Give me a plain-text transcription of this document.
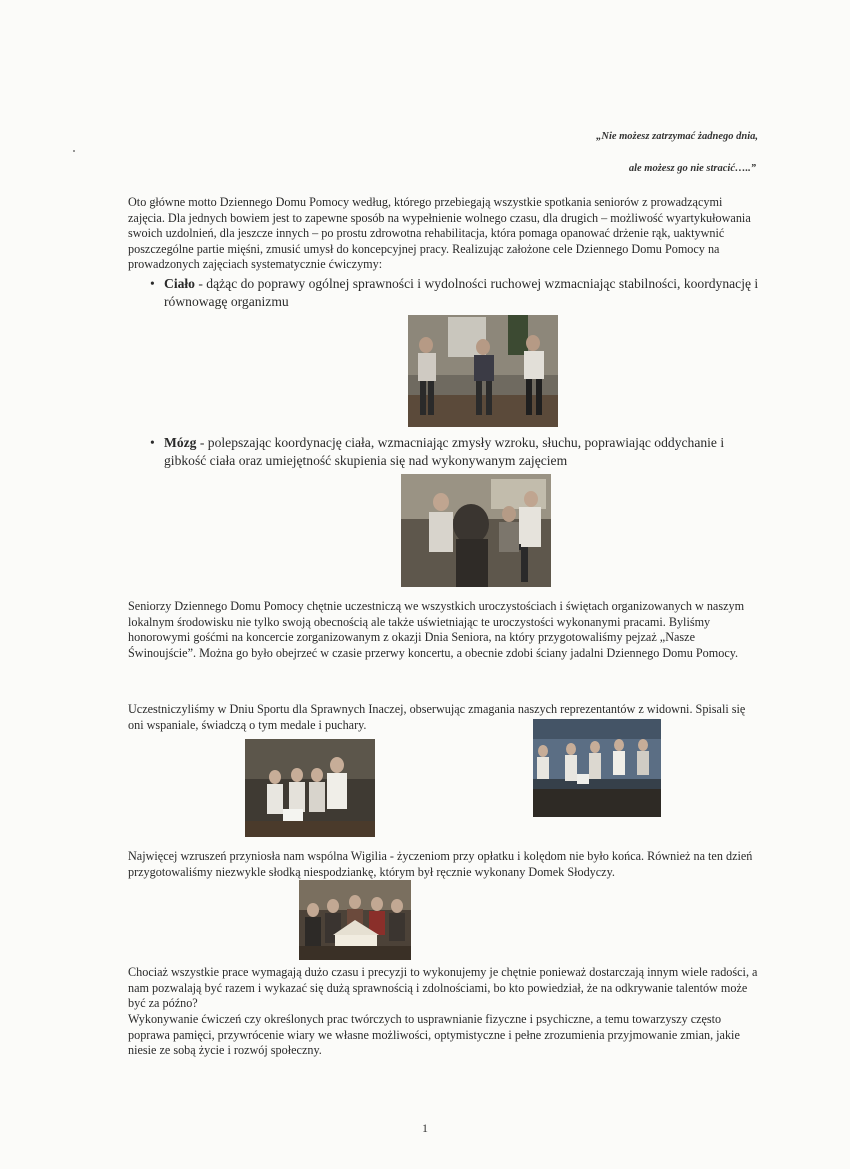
„Nie możesz zatrzymać żadnego dnia,
ale możesz go nie stracić…..”
Oto główne motto Dziennego Domu Pomocy według, którego przebiegają wszystkie spotkania seniorów z prowadzącymi zajęcia. Dla jednych bowiem jest to zapewne sposób na wypełnienie wolnego czasu, dla drugich – możliwość wyartykułowania swoich uzdolnień, dla jeszcze innych – po prostu zdrowotna rehabilitacja, która pomaga opanować drżenie rąk, uaktywnić poszczególne partie mięśni, zmusić umysł do koncepcyjnej pracy. Realizując założone cele Dziennego Domu Pomocy na prowadzonych zajęciach systematycznie ćwiczymy:
• Ciało - dążąc do poprawy ogólnej sprawności i wydolności ruchowej wzmacniając stabilności, koordynację i równowagę organizmu
• Mózg - polepszając koordynację ciała, wzmacniając zmysły wzroku, słuchu, poprawiając oddychanie i gibkość ciała oraz umiejętność skupienia się nad wykonywanym zajęciem
Seniorzy Dziennego Domu Pomocy chętnie uczestniczą we wszystkich uroczystościach i świętach organizowanych w naszym lokalnym środowisku nie tylko swoją obecnością ale także uświetniając te uroczystości wykonanymi pracami. Byliśmy honorowymi gośćmi na koncercie zorganizowanym z okazji Dnia Seniora, na który przygotowaliśmy pejzaż „Nasze Świnoujście”. Można go było obejrzeć w czasie przerwy koncertu, a obecnie zdobi ściany jadalni Dziennego Domu Pomocy.
Uczestniczyliśmy w Dniu Sportu dla Sprawnych Inaczej, obserwując zmagania naszych reprezentantów z widowni. Spisali się oni wspaniale, świadczą o tym medale i puchary.
Najwięcej wzruszeń przyniosła nam wspólna Wigilia - życzeniom przy opłatku i kolędom nie było końca. Również na ten dzień przygotowaliśmy niezwykle słodką niespodziankę, którym był ręcznie wykonany Domek Słodyczy.
Chociaż wszystkie prace wymagają dużo czasu i precyzji to wykonujemy je chętnie ponieważ dostarczają innym wiele radości, a nam pozwalają być razem i wykazać się dużą sprawnością i zdolnościami, bo kto powiedział, że na odkrywanie talentów może być za późno?
Wykonywanie ćwiczeń czy określonych prac twórczych to usprawnianie fizyczne i psychiczne, a temu towarzyszy często poprawa pamięci, przywrócenie wiary we własne możliwości, optymistyczne i pełne zrozumienia przyjmowanie zmian, jakie niesie ze sobą życie i rozwój społeczny.
1
